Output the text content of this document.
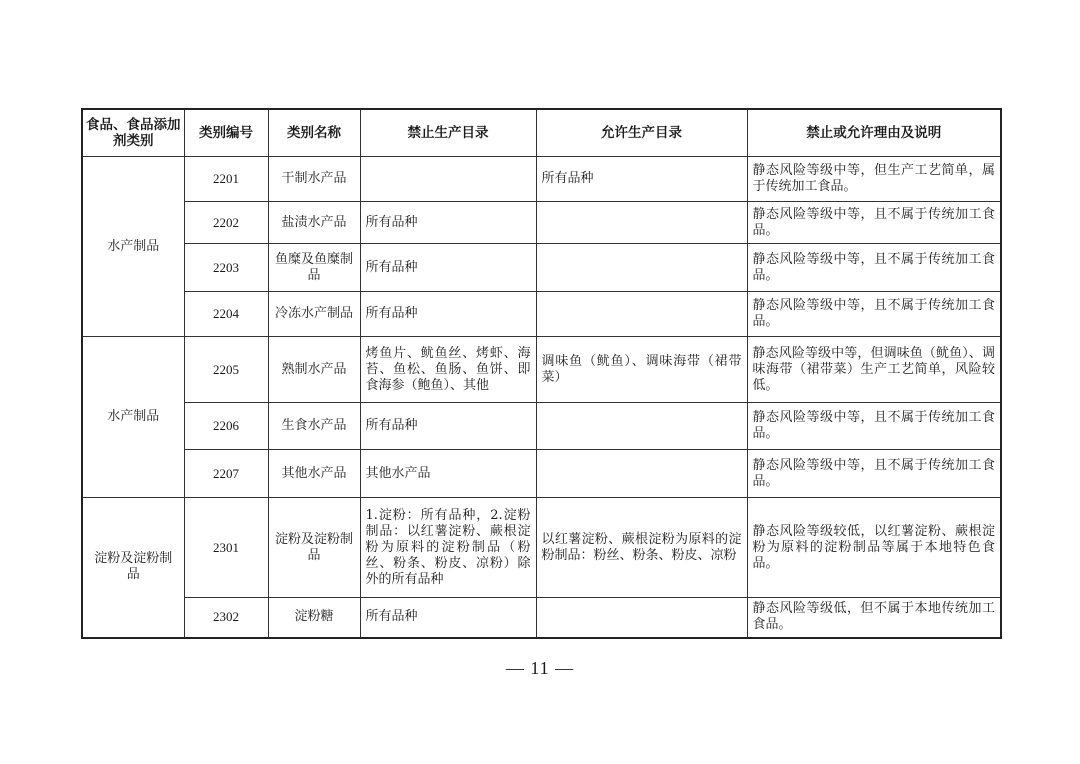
食品、食品添加剂类别	类别编号	类别名称	禁止生产目录	允许生产目录	禁止或允许理由及说明
水产制品	2201	干制水产品		所有品种	静态风险等级中等，但生产工艺简单，属于传统加工食品。
	2202	盐渍水产品	所有品种		静态风险等级中等，且不属于传统加工食品。
	2203	鱼糜及鱼糜制品	所有品种		静态风险等级中等，且不属于传统加工食品。
	2204	冷冻水产制品	所有品种		静态风险等级中等，且不属于传统加工食品。
水产制品	2205	熟制水产品	烤鱼片、鱿鱼丝、烤虾、海苔、鱼松、鱼肠、鱼饼、即食海参（鲍鱼）、其他	调味鱼（鱿鱼）、调味海带（裙带菜）	静态风险等级中等，但调味鱼（鱿鱼）、调味海带（裙带菜）生产工艺简单，风险较低。
	2206	生食水产品	所有品种		静态风险等级中等，且不属于传统加工食品。
	2207	其他水产品	其他水产品		静态风险等级中等，且不属于传统加工食品。
淀粉及淀粉制品	2301	淀粉及淀粉制品	1.淀粉：所有品种，2.淀粉制品：以红薯淀粉、蕨根淀粉为原料的淀粉制品（粉丝、粉条、粉皮、凉粉）除外的所有品种	以红薯淀粉、蕨根淀粉为原料的淀粉制品：粉丝、粉条、粉皮、凉粉	静态风险等级较低，以红薯淀粉、蕨根淀粉为原料的淀粉制品等属于本地特色食品。
	2302	淀粉糖	所有品种		静态风险等级低，但不属于本地传统加工食品。
— 11 —
